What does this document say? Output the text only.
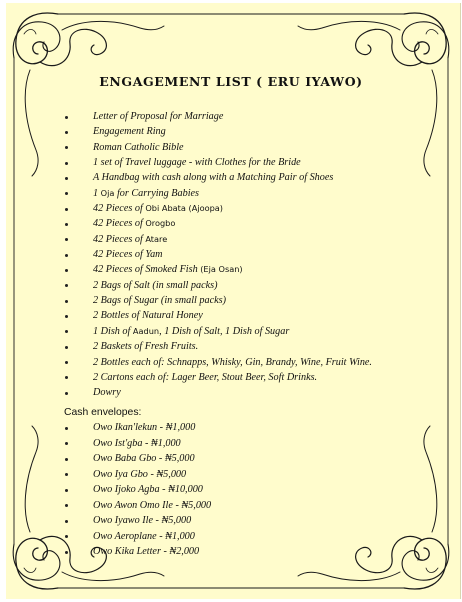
ENGAGEMENT LIST ( ERU IYAWO)
Letter of Proposal for Marriage
Engagement Ring
Roman Catholic Bible
1 set of Travel luggage - with Clothes for the Bride
A Handbag with cash along with a Matching Pair of Shoes
1 Oja for Carrying Babies
42 Pieces of Obi Abata (Ajoopa)
42 Pieces of Orogbo
42 Pieces of Atare
42 Pieces of Yam
42 Pieces of Smoked Fish (Eja Osan)
2 Bags of Salt (in small packs)
2 Bags of Sugar (in small packs)
2 Bottles of Natural Honey
1 Dish of Aadun, 1 Dish of Salt, 1 Dish of Sugar
2 Baskets of Fresh Fruits.
2 Bottles each of: Schnapps, Whisky, Gin, Brandy, Wine, Fruit Wine.
2 Cartons each of: Lager Beer, Stout Beer, Soft Drinks.
Dowry

Cash envelopes:

Owo Ikan'lekun - ₦1,000
Owo Ist'gba - ₦1,000
Owo Baba Gbo - ₦5,000
Owo Iya Gbo - ₦5,000
Owo Ijoko Agba - ₦10,000
Owo Awon Omo Ile - ₦5,000
Owo Iyawo Ile - ₦5,000
Owo Aeroplane - ₦1,000
Owo Kika Letter - ₦2,000
